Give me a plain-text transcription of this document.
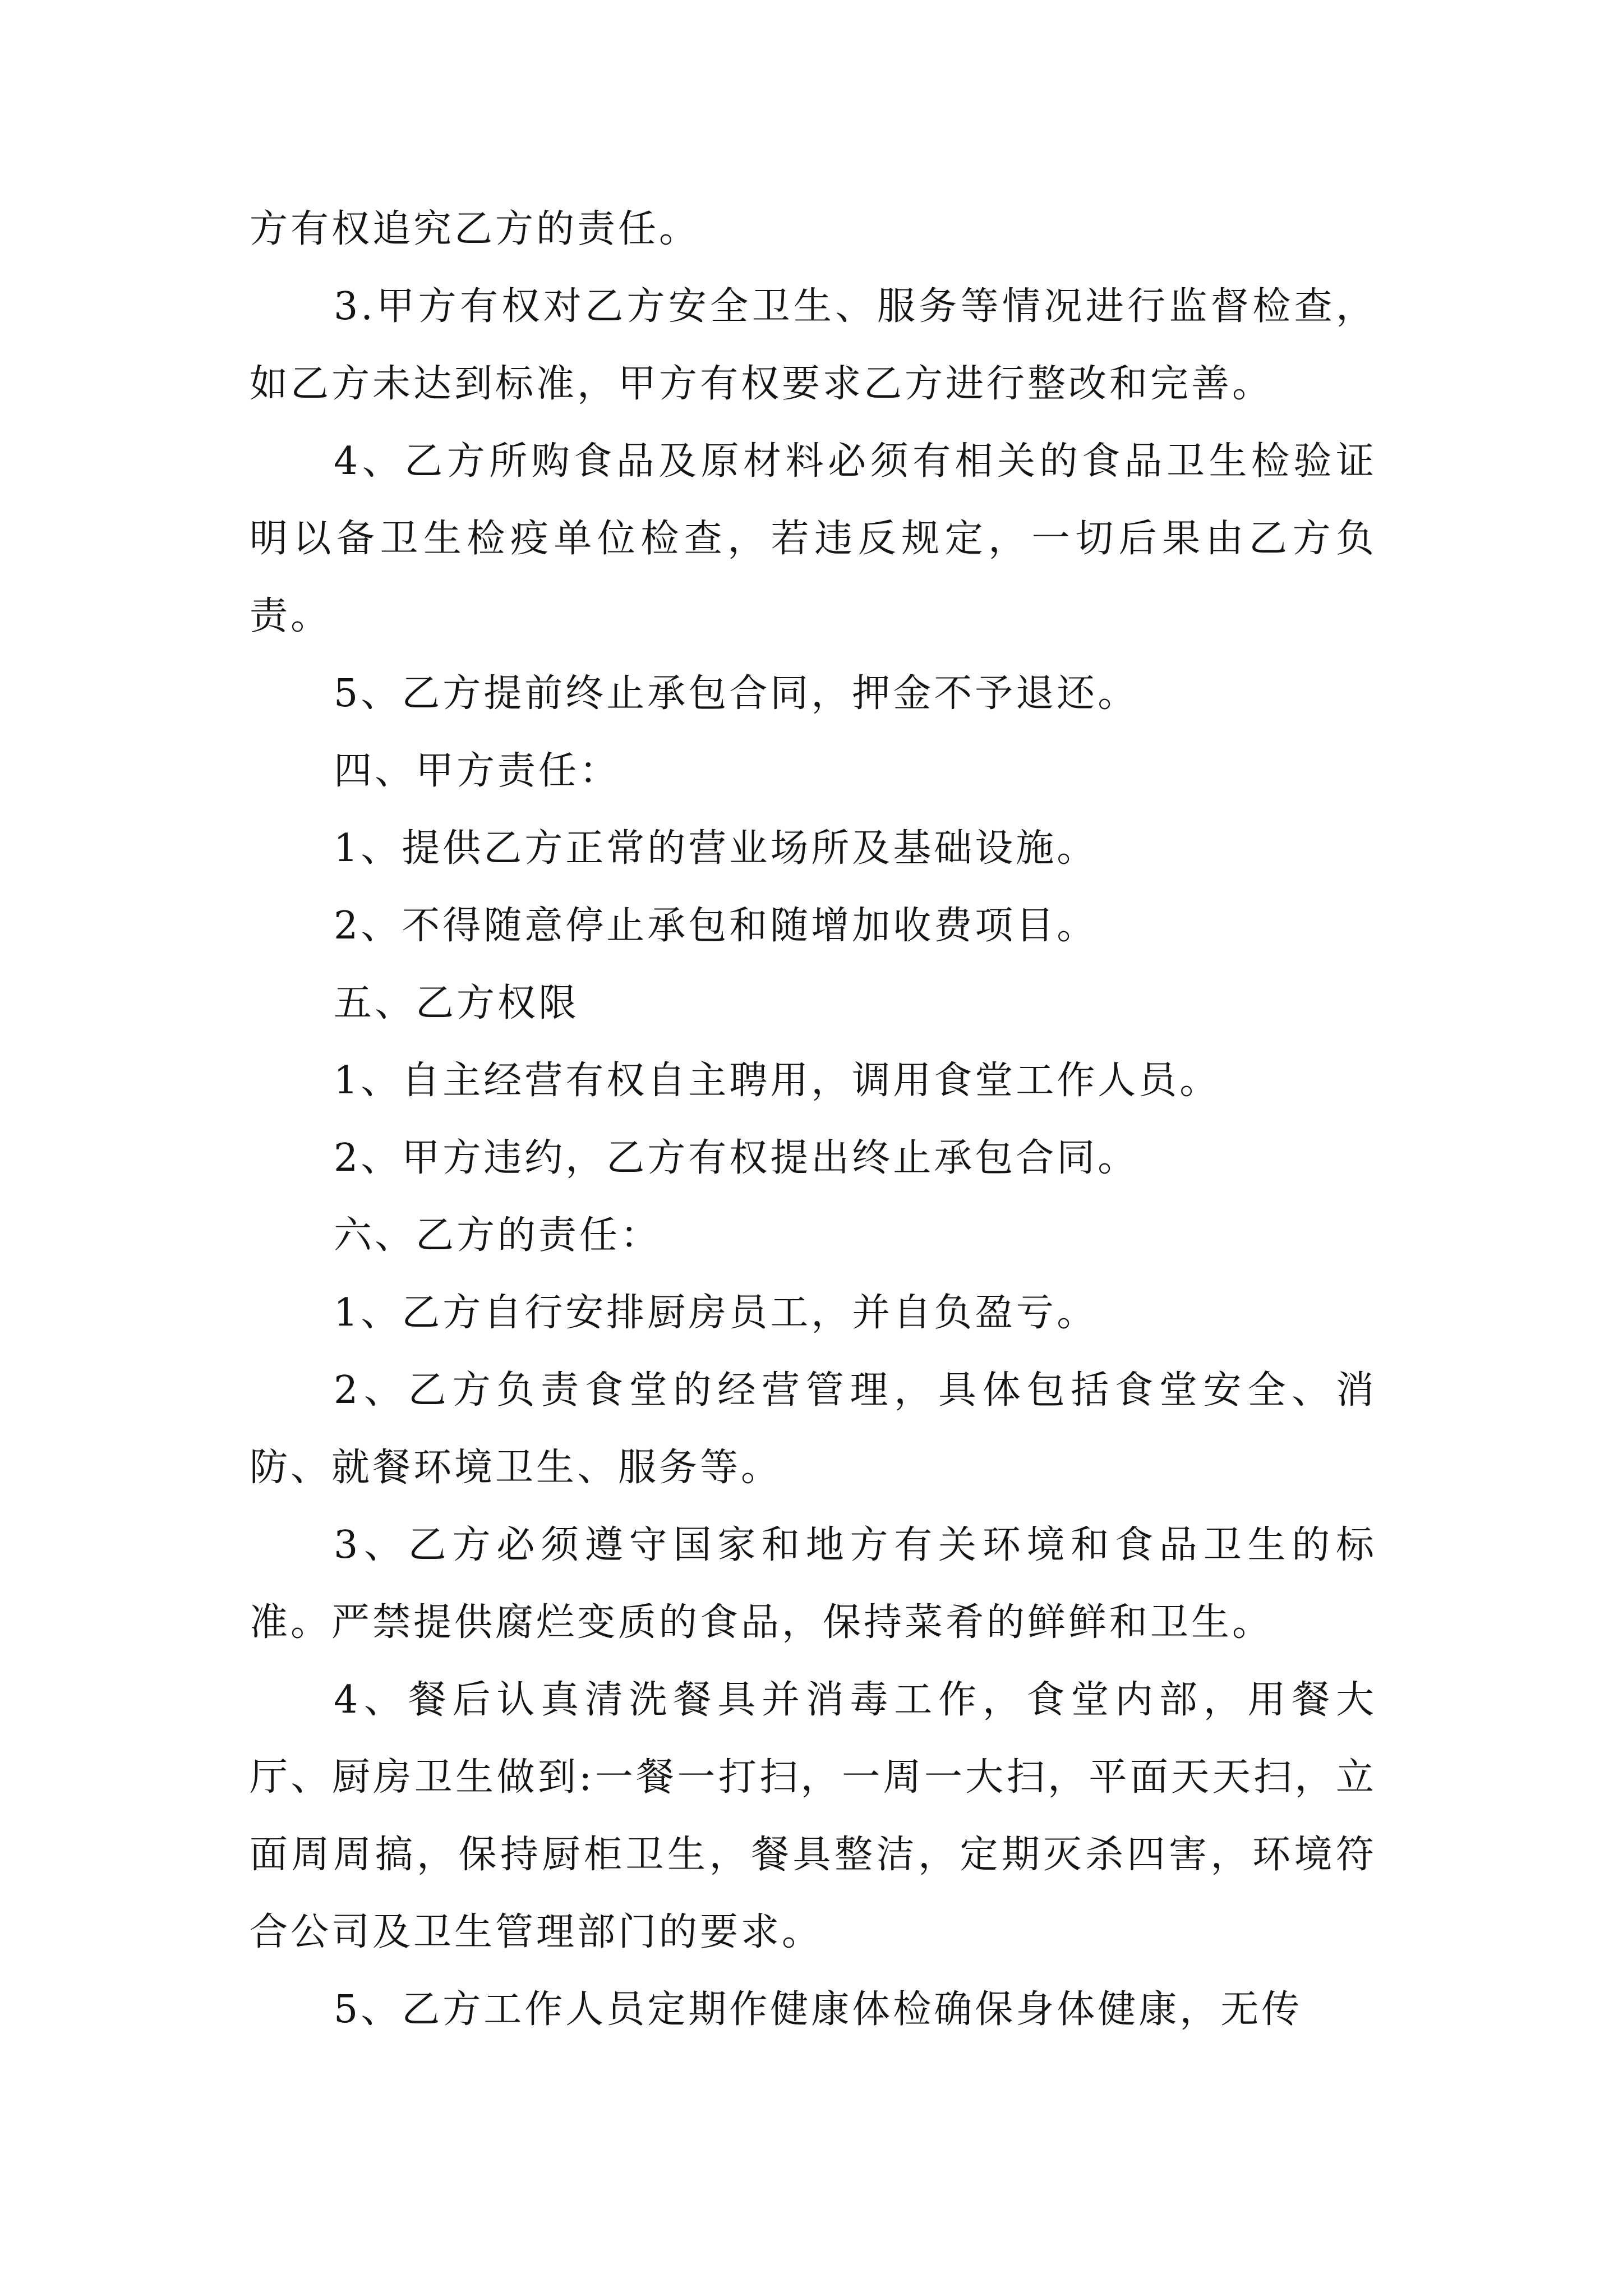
方有权追究乙方的责任。

3.甲方有权对乙方安全卫生、服务等情况进行监督检查，如乙方未达到标准，甲方有权要求乙方进行整改和完善。

4、乙方所购食品及原材料必须有相关的食品卫生检验证明以备卫生检疫单位检查，若违反规定，一切后果由乙方负责。

5、乙方提前终止承包合同，押金不予退还。

四、甲方责任：

1、提供乙方正常的营业场所及基础设施。

2、不得随意停止承包和随增加收费项目。

五、乙方权限

1、自主经营有权自主聘用，调用食堂工作人员。

2、甲方违约，乙方有权提出终止承包合同。

六、乙方的责任：

1、乙方自行安排厨房员工，并自负盈亏。

2、乙方负责食堂的经营管理，具体包括食堂安全、消防、就餐环境卫生、服务等。

3、乙方必须遵守国家和地方有关环境和食品卫生的标准。严禁提供腐烂变质的食品，保持菜肴的鲜鲜和卫生。

4、餐后认真清洗餐具并消毒工作，食堂内部，用餐大厅、厨房卫生做到:一餐一打扫，一周一大扫，平面天天扫，立面周周搞，保持厨柜卫生，餐具整洁，定期灭杀四害，环境符合公司及卫生管理部门的要求。

5、乙方工作人员定期作健康体检确保身体健康，无传
